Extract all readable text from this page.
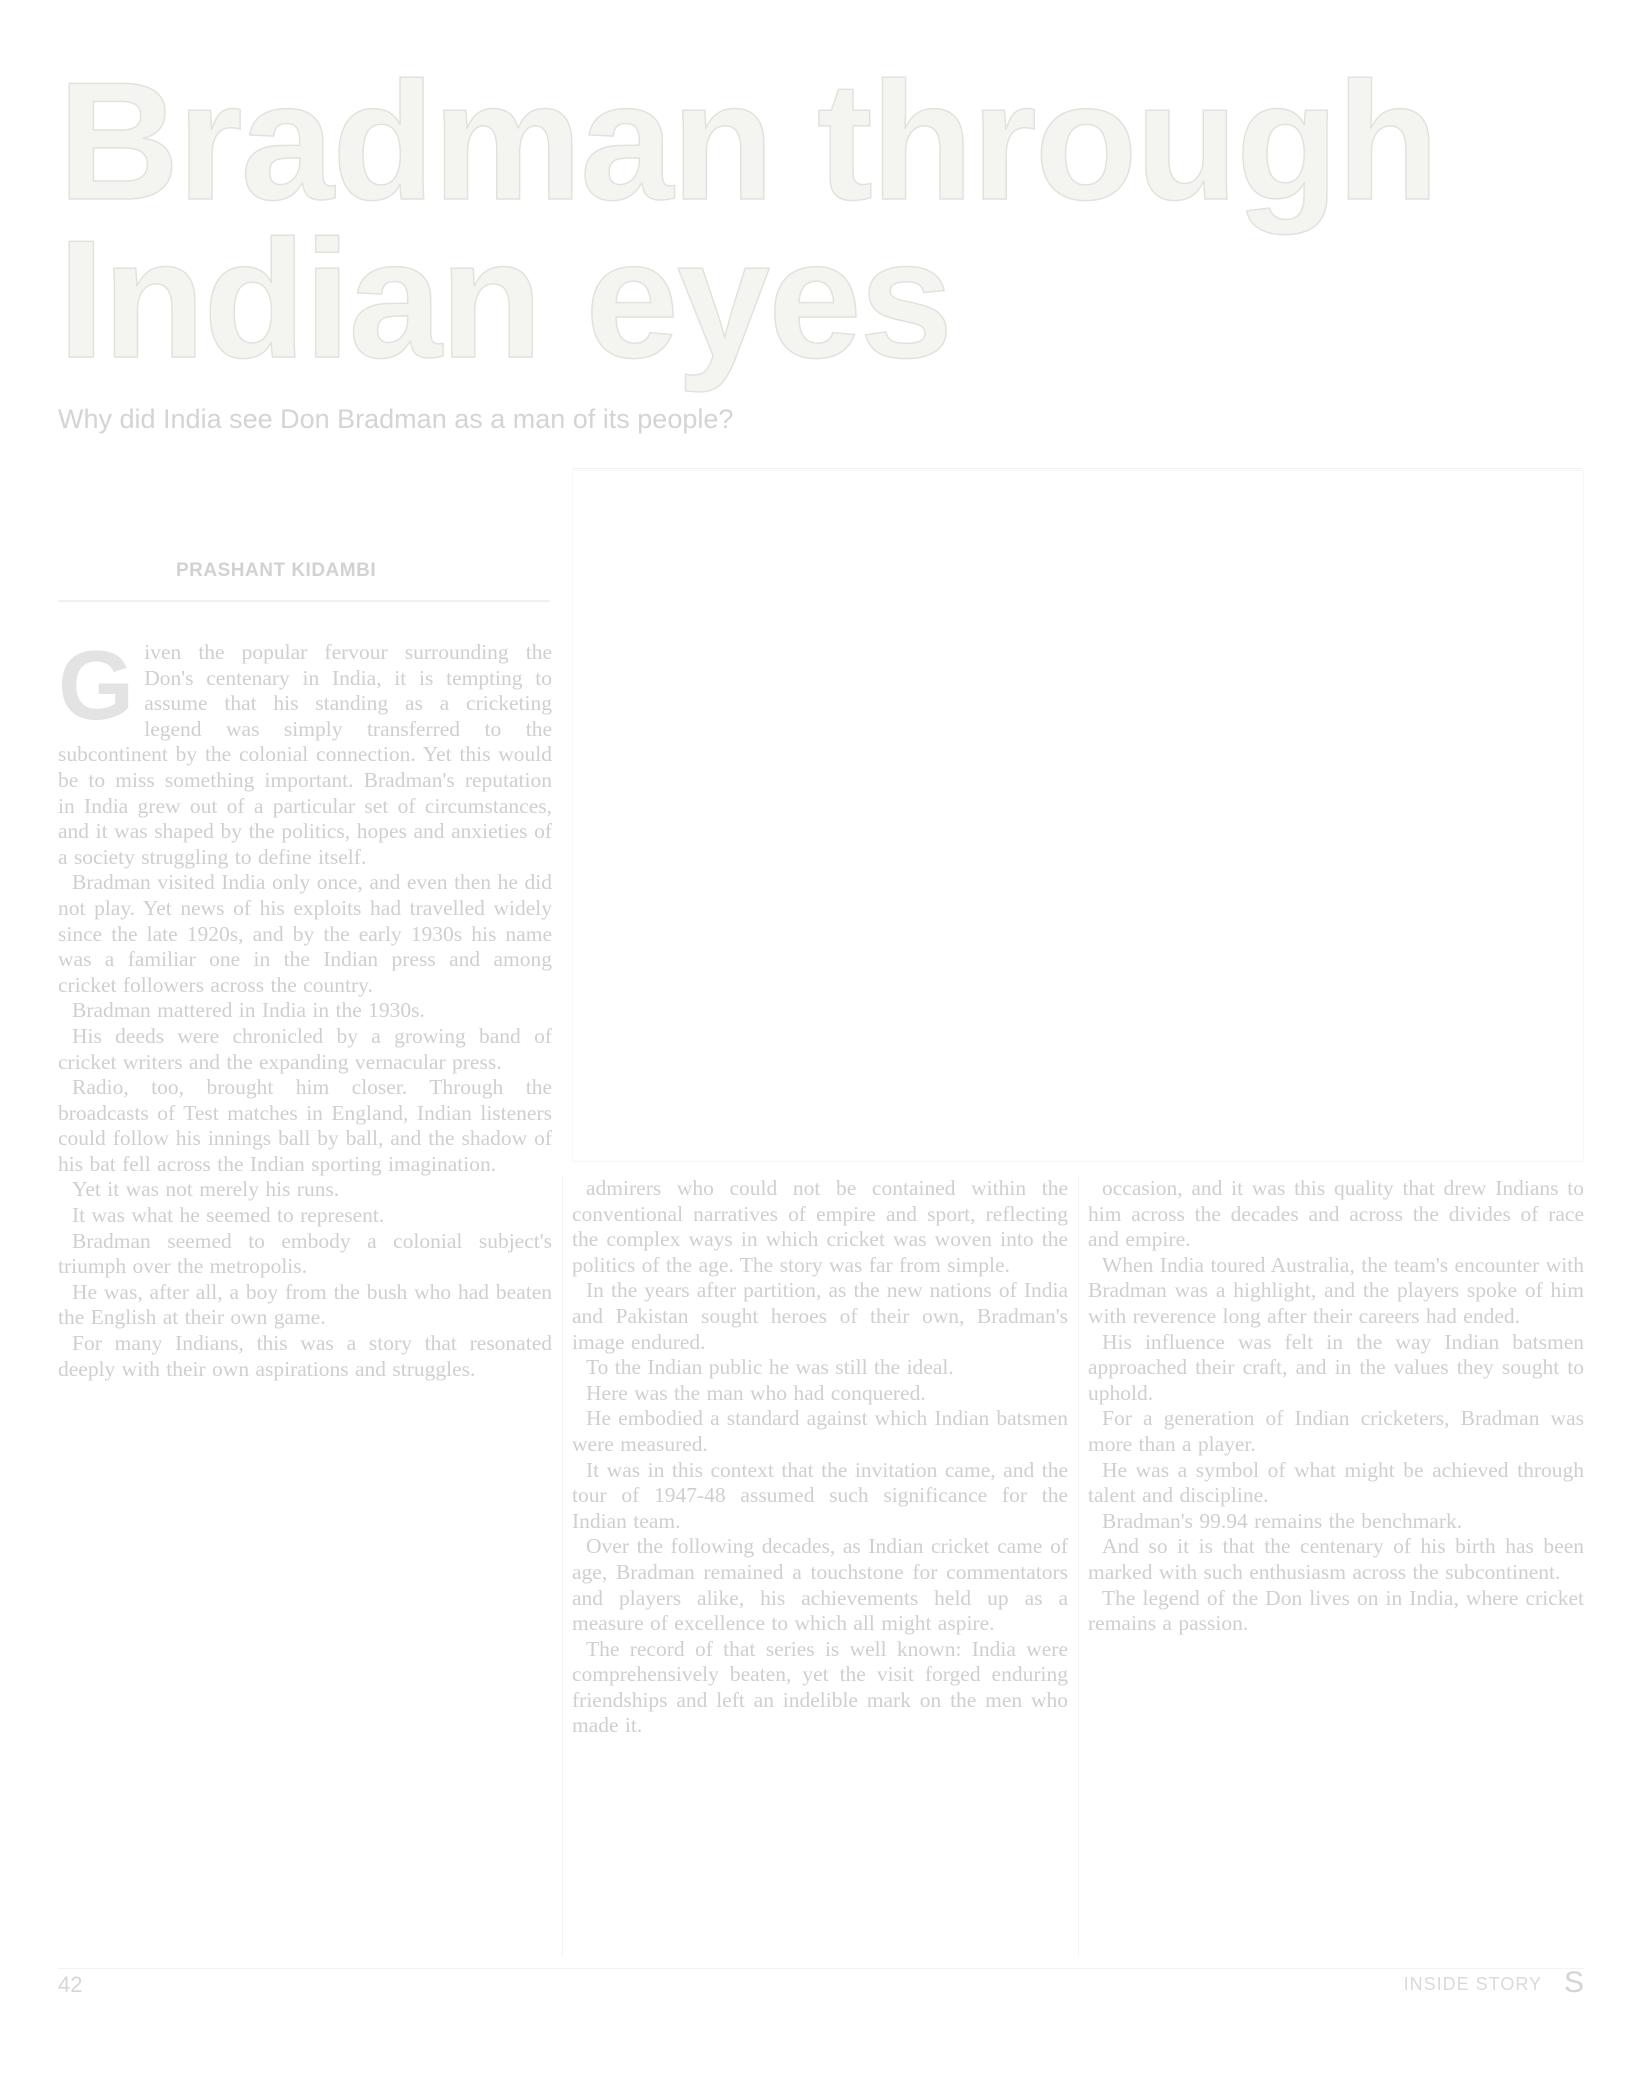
Bradman through
Indian eyes
Why did India see Don Bradman as a man of its people?
PRASHANT KIDAMBI

Given the popular fervour surrounding the Don's centenary in India, it is tempting to assume that his standing as a cricketing legend was simply transferred to the subcontinent by the colonial connection. Yet this would be to miss something important. Bradman's reputation in India grew out of a particular set of circumstances, and it was shaped by the politics, hopes and anxieties of a society struggling to define itself.

Bradman visited India only once, and even then he did not play. Yet news of his exploits had travelled widely since the late 1920s, and by the early 1930s his name was a familiar one in the Indian press and among cricket followers across the country.

Bradman mattered in India in the 1930s.

His deeds were chronicled by a growing band of cricket writers and the expanding vernacular press.

Radio, too, brought him closer. Through the broadcasts of Test matches in England, Indian listeners could follow his innings ball by ball, and the shadow of his bat fell across the Indian sporting imagination.

Yet it was not merely his runs.

It was what he seemed to represent.

Bradman seemed to embody a colonial subject's triumph over the metropolis.

He was, after all, a boy from the bush who had beaten the English at their own game.

For many Indians, this was a story that resonated deeply with their own aspirations and struggles.

admirers who could not be contained within the conventional narratives of empire and sport, reflecting the complex ways in which cricket was woven into the politics of the age. The story was far from simple.

In the years after partition, as the new nations of India and Pakistan sought heroes of their own, Bradman's image endured.

To the Indian public he was still the ideal.

Here was the man who had conquered.

He embodied a standard against which Indian batsmen were measured.

It was in this context that the invitation came, and the tour of 1947-48 assumed such significance for the Indian team.

Over the following decades, as Indian cricket came of age, Bradman remained a touchstone for commentators and players alike, his achievements held up as a measure of excellence to which all might aspire.

The record of that series is well known: India were comprehensively beaten, yet the visit forged enduring friendships and left an indelible mark on the men who made it.

occasion, and it was this quality that drew Indians to him across the decades and across the divides of race and empire.

When India toured Australia, the team's encounter with Bradman was a highlight, and the players spoke of him with reverence long after their careers had ended.

His influence was felt in the way Indian batsmen approached their craft, and in the values they sought to uphold.

For a generation of Indian cricketers, Bradman was more than a player.

He was a symbol of what might be achieved through talent and discipline.

Bradman's 99.94 remains the benchmark.

And so it is that the centenary of his birth has been marked with such enthusiasm across the subcontinent.

The legend of the Don lives on in India, where cricket remains a passion.

42	INSIDE STORY S
